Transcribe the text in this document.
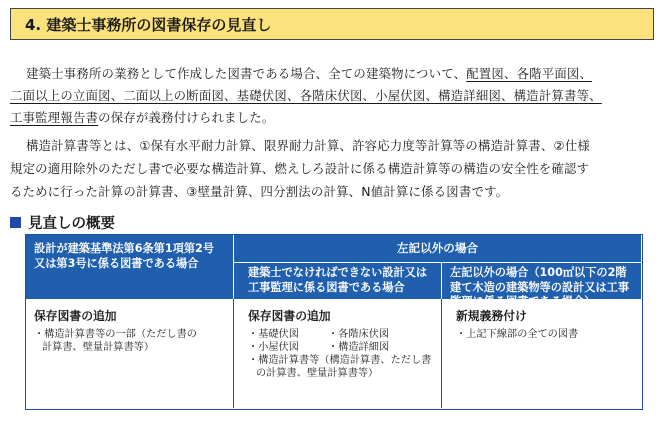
4. 建築士事務所の図書保存の見直し
建築士事務所の業務として作成した図書である場合、全ての建築物について、配置図、各階平面図、
二面以上の立面図、二面以上の断面図、基礎伏図、各階床伏図、小屋伏図、構造詳細図、構造計算書等、
工事監理報告書の保存が義務付けられました。
構造計算書等とは、①保有水平耐力計算、限界耐力計算、許容応力度等計算等の構造計算書、②仕様
規定の適用除外のただし書で必要な構造計算、燃えしろ設計に係る構造計算等の構造の安全性を確認す
るために行った計算の計算書、③壁量計算、四分割法の計算、N値計算に係る図書です。
見直しの概要
設計が建築基準法第6条第1項第2号又は第3号に係る図書である場合
左記以外の場合
建築士でなければできない設計又は工事監理に係る図書である場合
左記以外の場合（100㎡以下の2階建て木造の建築物等の設計又は工事監理に係る図書である場合）
保存図書の追加
・構造計算書等の一部（ただし書の
計算書、壁量計算書等）
保存図書の追加
・基礎伏図	・各階床伏図
・小屋伏図	・構造詳細図
・構造計算書等（構造計算書、ただし書
の計算書、壁量計算書等）
新規義務付け
・上記下線部の全ての図書
